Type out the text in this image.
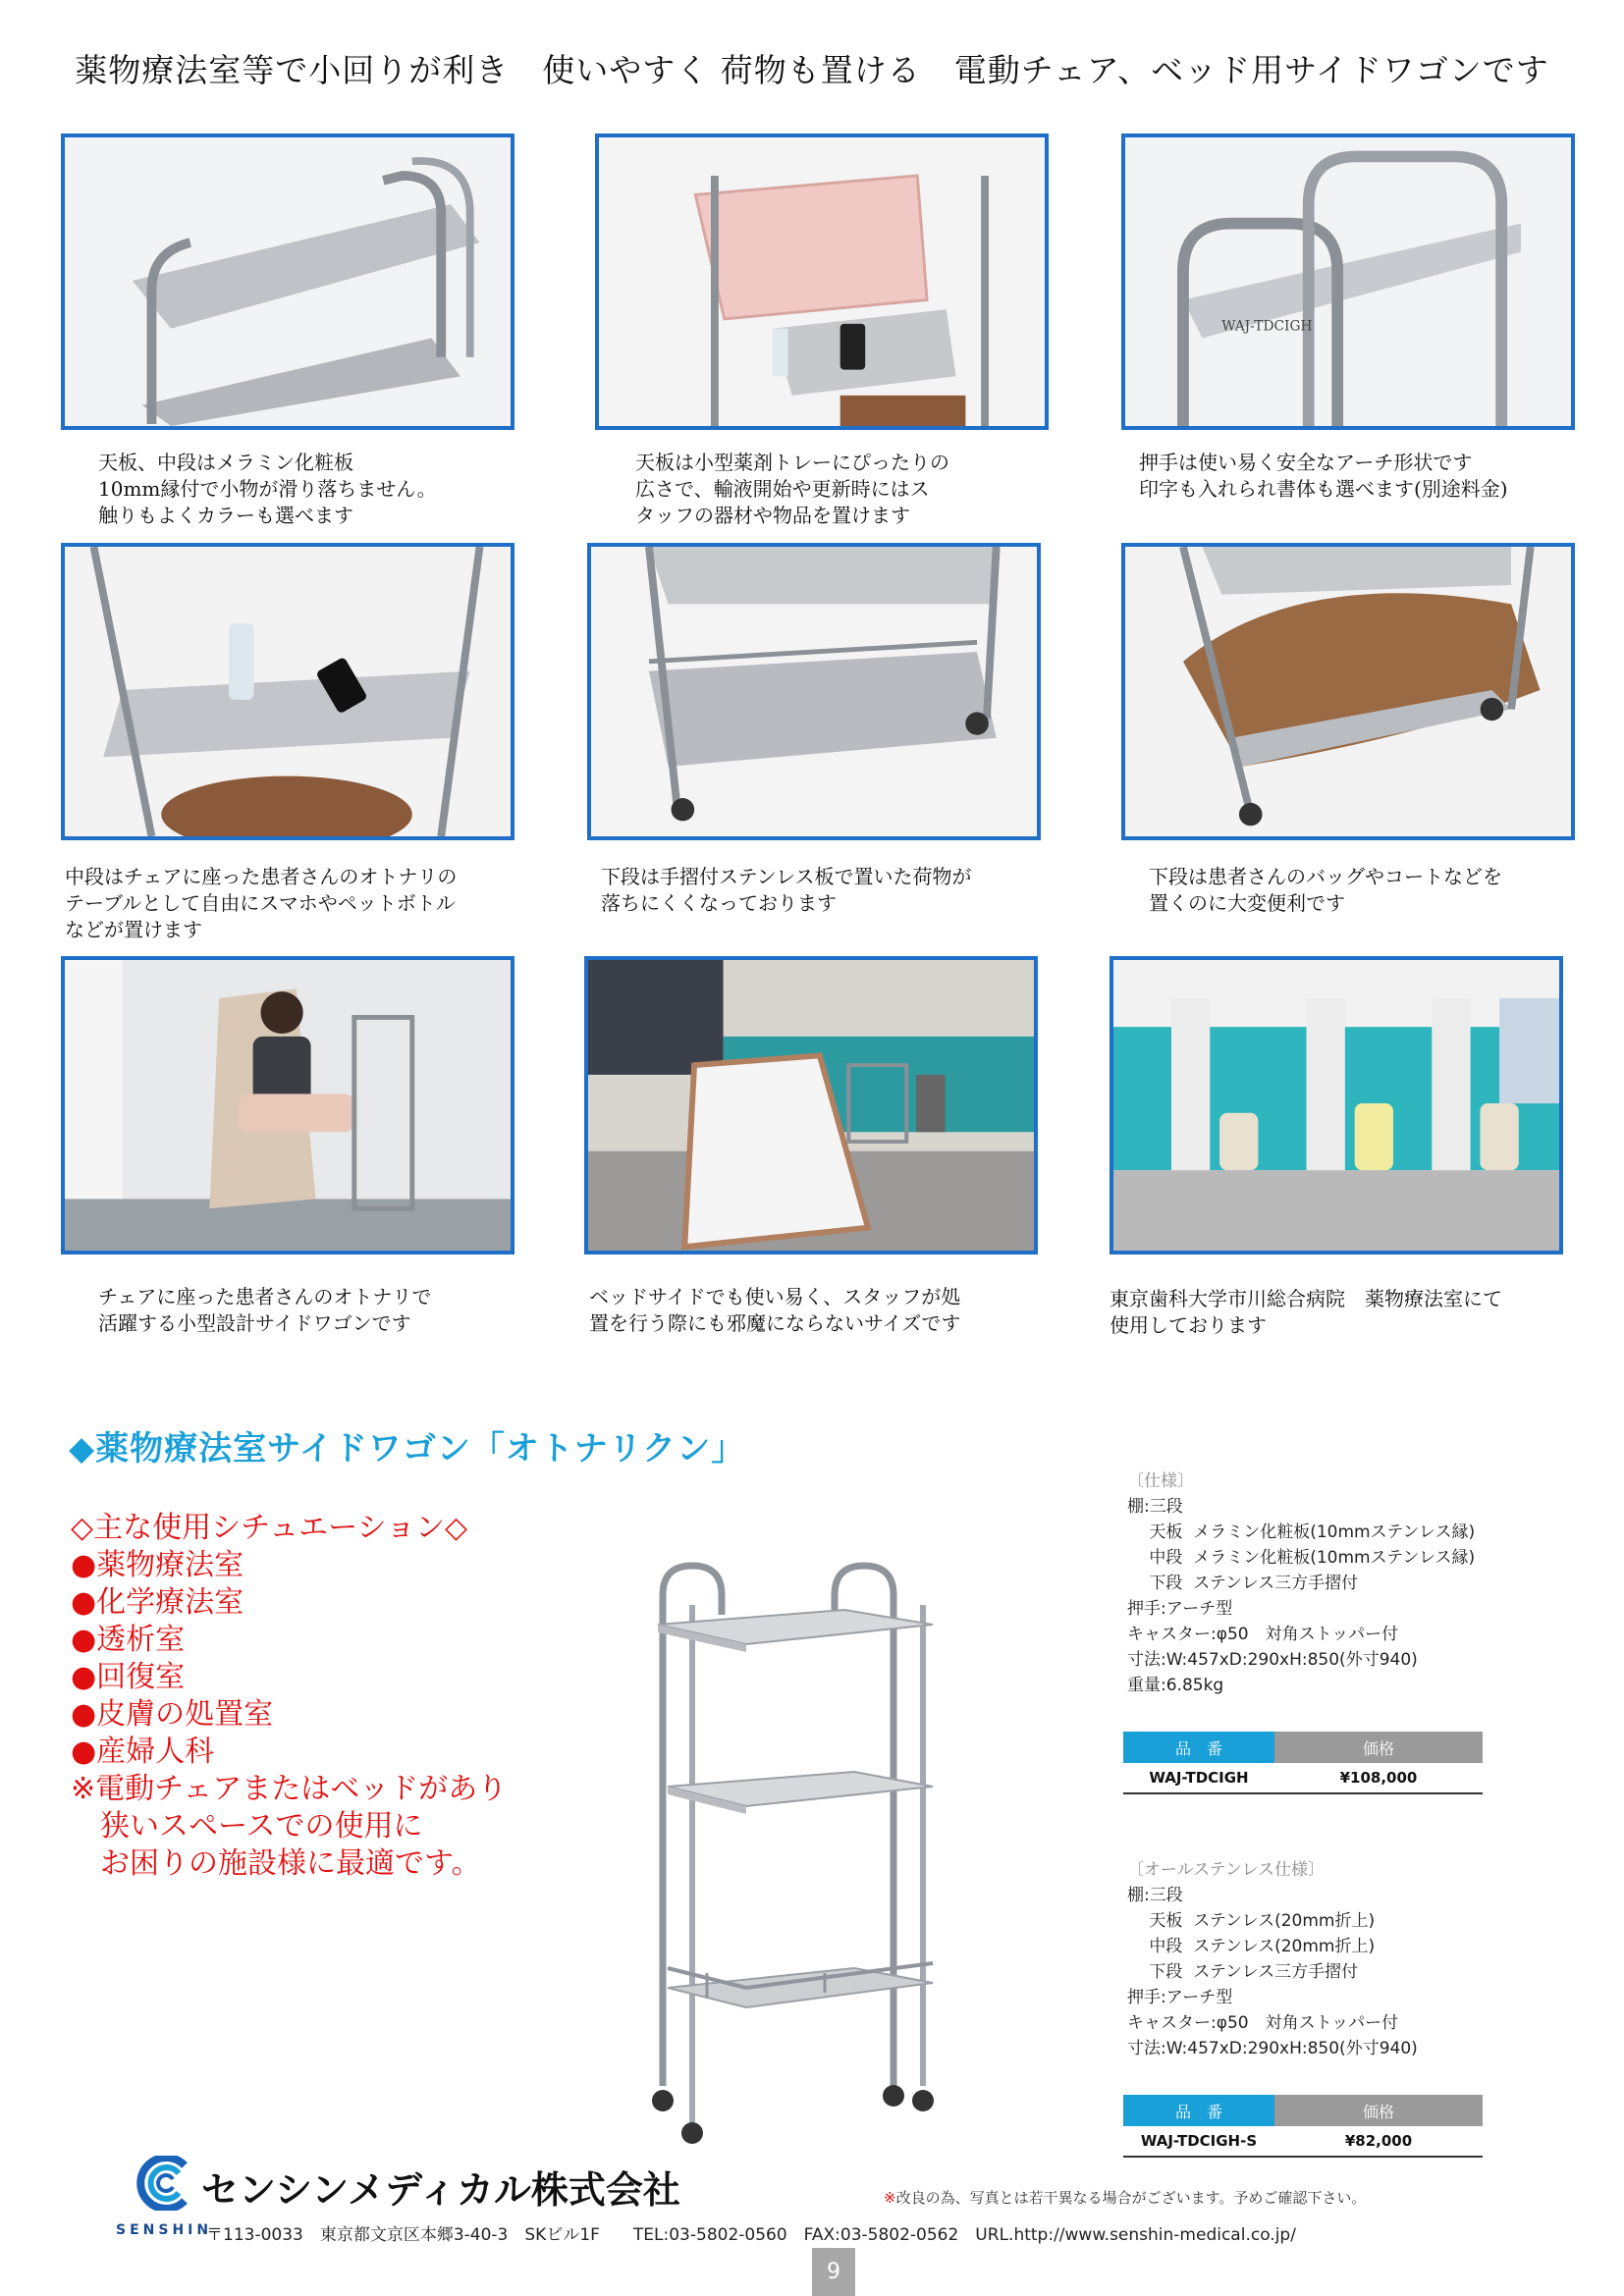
薬物療法室等で小回りが利き　使いやすく 荷物も置ける　電動チェア、ベッド用サイドワゴンです
WAJ-TDCIGH
天板、中段はメラミン化粧板
10mm縁付で小物が滑り落ちません。
触りもよくカラーも選べます
天板は小型薬剤トレーにぴったりの
広さで、輸液開始や更新時にはス
タッフの器材や物品を置けます
押手は使い易く安全なアーチ形状です
印字も入れられ書体も選べます(別途料金)
中段はチェアに座った患者さんのオトナリの
テーブルとして自由にスマホやペットボトル
などが置けます
下段は手摺付ステンレス板で置いた荷物が
落ちにくくなっております
下段は患者さんのバッグやコートなどを
置くのに大変便利です
チェアに座った患者さんのオトナリで
活躍する小型設計サイドワゴンです
ベッドサイドでも使い易く、スタッフが処
置を行う際にも邪魔にならないサイズです
東京歯科大学市川総合病院　薬物療法室にて
使用しております
◆薬物療法室サイドワゴン「オトナリクン」
◇主な使用シチュエーション◇
●薬物療法室
●化学療法室
●透析室
●回復室
●皮膚の処置室
●産婦人科
※電動チェアまたはベッドがあり
　狭いスペースでの使用に
　お困りの施設様に最適です。
〔仕様〕
棚:三段
　 天板  メラミン化粧板(10mmステンレス縁)
　 中段  メラミン化粧板(10mmステンレス縁)
　 下段  ステンレス三方手摺付
押手:アーチ型
キャスター:φ50　対角ストッパー付
寸法:W:457xD:290xH:850(外寸940)
重量:6.85kg
品　番	価格
WAJ-TDCIGH	¥108,000
〔オールステンレス仕様〕
棚:三段
　 天板  ステンレス(20mm折上)
　 中段  ステンレス(20mm折上)
　 下段  ステンレス三方手摺付
押手:アーチ型
キャスター:φ50　対角ストッパー付
寸法:W:457xD:290xH:850(外寸940)
品　番	価格
WAJ-TDCIGH-S	¥82,000
センシンメディカル株式会社
SENSHIN
※改良の為、写真とは若干異なる場合がございます。予めご確認下さい。
〒113-0033　東京都文京区本郷3-40-3　SKビル1F　　TEL:03-5802-0560　FAX:03-5802-0562　URL.http://www.senshin-medical.co.jp/
9
